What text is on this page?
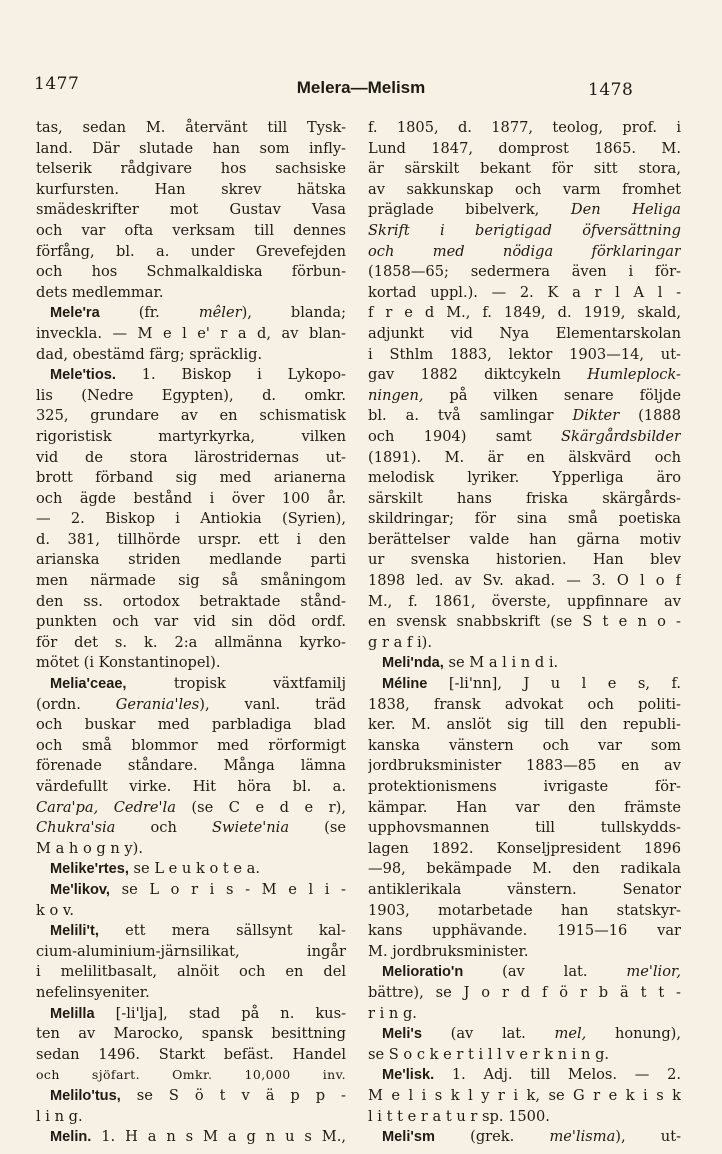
1477	Melera—Melism	1478
tas, sedan M. återvänt till Tysk-
land. Där slutade han som infly-
telserik rådgivare hos sachsiske
kurfursten. Han skrev hätska
smädeskrifter mot Gustav Vasa
och var ofta verksam till dennes
förfång, bl. a. under Grevefejden
och hos Schmalkaldiska förbun-
dets medlemmar.
Mele'ra (fr. mêler), blanda;
inveckla. — M e l e' r a d, av blan-
dad, obestämd färg; spräcklig.
Mele'tios. 1. Biskop i Lykopo-
lis (Nedre Egypten), d. omkr.
325, grundare av en schismatisk
rigoristisk martyrkyrka, vilken
vid de stora lärostridernas ut-
brott förband sig med arianerna
och ägde bestånd i över 100 år.
— 2. Biskop i Antiokia (Syrien),
d. 381, tillhörde urspr. ett i den
arianska striden medlande parti
men närmade sig så småningom
den ss. ortodox betraktade stånd-
punkten och var vid sin död ordf.
för det s. k. 2:a allmänna kyrko-
mötet (i Konstantinopel).
Melia'ceae, tropisk växtfamilj
(ordn. Gerania'les), vanl. träd
och buskar med parbladiga blad
och små blommor med rörformigt
förenade ståndare. Många lämna
värdefullt virke. Hit höra bl. a.
Cara'pa, Cedre'la (se C e d e r),
Chukra'sia och Swiete'nia (se
M a h o g n y).
Melike'rtes, se L e u k o t e a.
Me'likov, se L o r i s - M e l i -
k o v.
Melili't, ett mera sällsynt kal-
cium-aluminium-järnsilikat, ingår
i melilitbasalt, alnöit och en del
nefelinsyeniter.
Melilla [-li'lja], stad på n. kus-
ten av Marocko, spansk besittning
sedan 1496. Starkt befäst. Handel
och sjöfart. Omkr. 10,000 inv.
Melilo'tus, se S ö t v ä p p -
l i n g.
Melin. 1. H a n s M a g n u s M.,
f. 1805, d. 1877, teolog, prof. i
Lund 1847, domprost 1865. M.
är särskilt bekant för sitt stora,
av sakkunskap och varm fromhet
präglade bibelverk, Den Heliga
Skrift i berigtigad öfversättning
och med nödiga förklaringar
(1858—65; sedermera även i för-
kortad uppl.). — 2. K a r l A l -
f r e d M., f. 1849, d. 1919, skald,
adjunkt vid Nya Elementarskolan
i Sthlm 1883, lektor 1903—14, ut-
gav 1882 diktcykeln Humleplock-
ningen, på vilken senare följde
bl. a. två samlingar Dikter (1888
och 1904) samt Skärgårdsbilder
(1891). M. är en älskvärd och
melodisk lyriker. Ypperliga äro
särskilt hans friska skärgårds-
skildringar; för sina små poetiska
berättelser valde han gärna motiv
ur svenska historien. Han blev
1898 led. av Sv. akad. — 3. O l o f
M., f. 1861, överste, uppfinnare av
en svensk snabbskrift (se S t e n o -
g r a f i).
Meli'nda, se M a l i n d i.
Méline [-li'nn], J u l e s, f.
1838, fransk advokat och politi-
ker. M. anslöt sig till den republi-
kanska vänstern och var som
jordbruksminister 1883—85 en av
protektionismens ivrigaste för-
kämpar. Han var den främste
upphovsmannen till tullskydds-
lagen 1892. Konseljpresident 1896
—98, bekämpade M. den radikala
antiklerikala vänstern. Senator
1903, motarbetade han statskyr-
kans upphävande. 1915—16 var
M. jordbruksminister.
Melioratio'n (av lat. me'lior,
bättre), se J o r d f ö r b ä t t -
r i n g.
Meli's (av lat. mel, honung),
se S o c k e r t i l l v e r k n i n g.
Me'lisk. 1. Adj. till Melos. — 2.
M e l i s k l y r i k, se G r e k i s k
l i t t e r a t u r sp. 1500.
Meli'sm (grek. me'lisma), ut-
